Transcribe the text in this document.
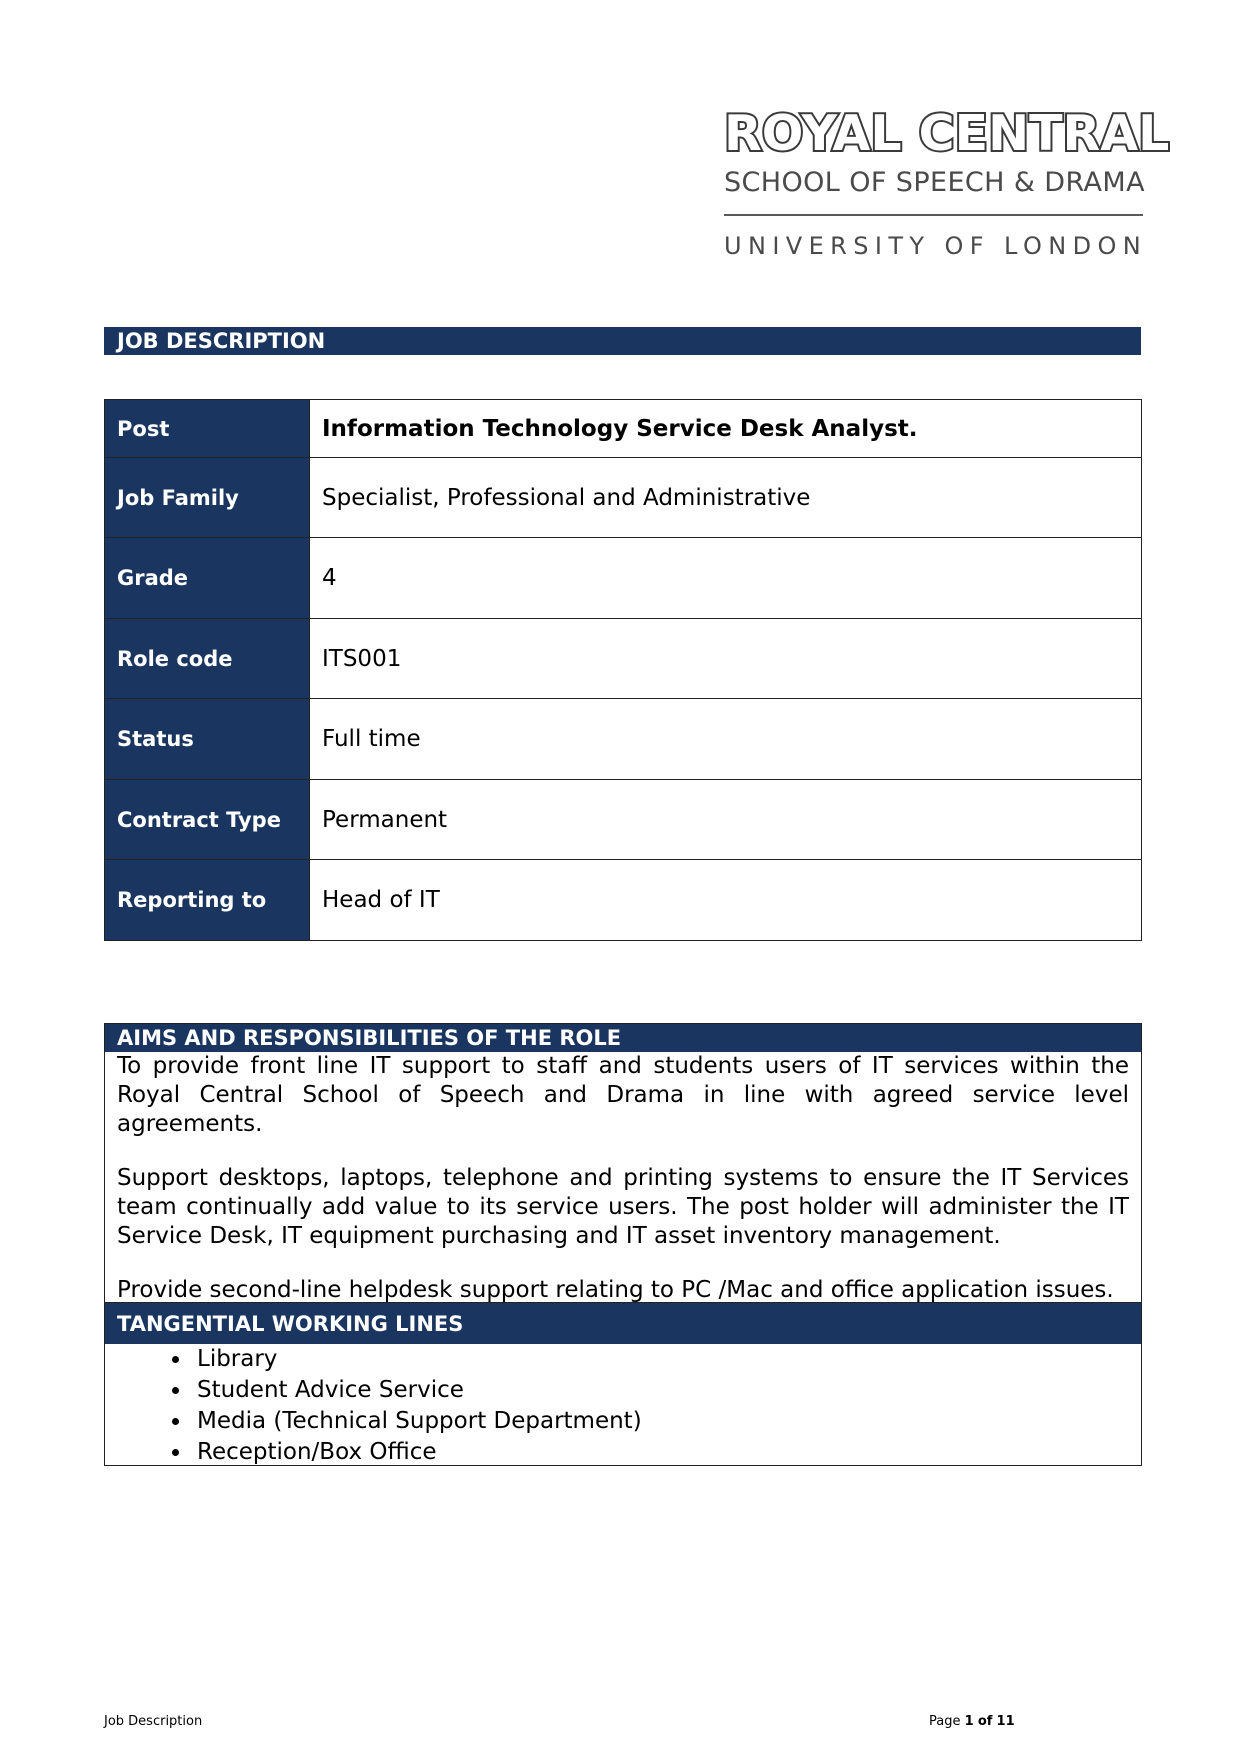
ROYAL CENTRAL
SCHOOL OF SPEECH & DRAMA
UNIVERSITY OF LONDON
JOB DESCRIPTION
Post	Information Technology Service Desk Analyst.
Job Family	Specialist, Professional and Administrative
Grade	4
Role code	ITS001
Status	Full time
Contract Type	Permanent
Reporting to	Head of IT
AIMS AND RESPONSIBILITIES OF THE ROLE

To provide front line IT support to staff and students users of IT services within the Royal Central School of Speech and Drama in line with agreed service level agreements.

Support desktops, laptops, telephone and printing systems to ensure the IT Services team continually add value to its service users. The post holder will administer the IT Service Desk, IT equipment purchasing and IT asset inventory management.

Provide second-line helpdesk support relating to PC /Mac and office application issues.

TANGENTIAL WORKING LINES
• Library
• Student Advice Service
• Media (Technical Support Department)
• Reception/Box Office
Job Description	Page 1 of 11
